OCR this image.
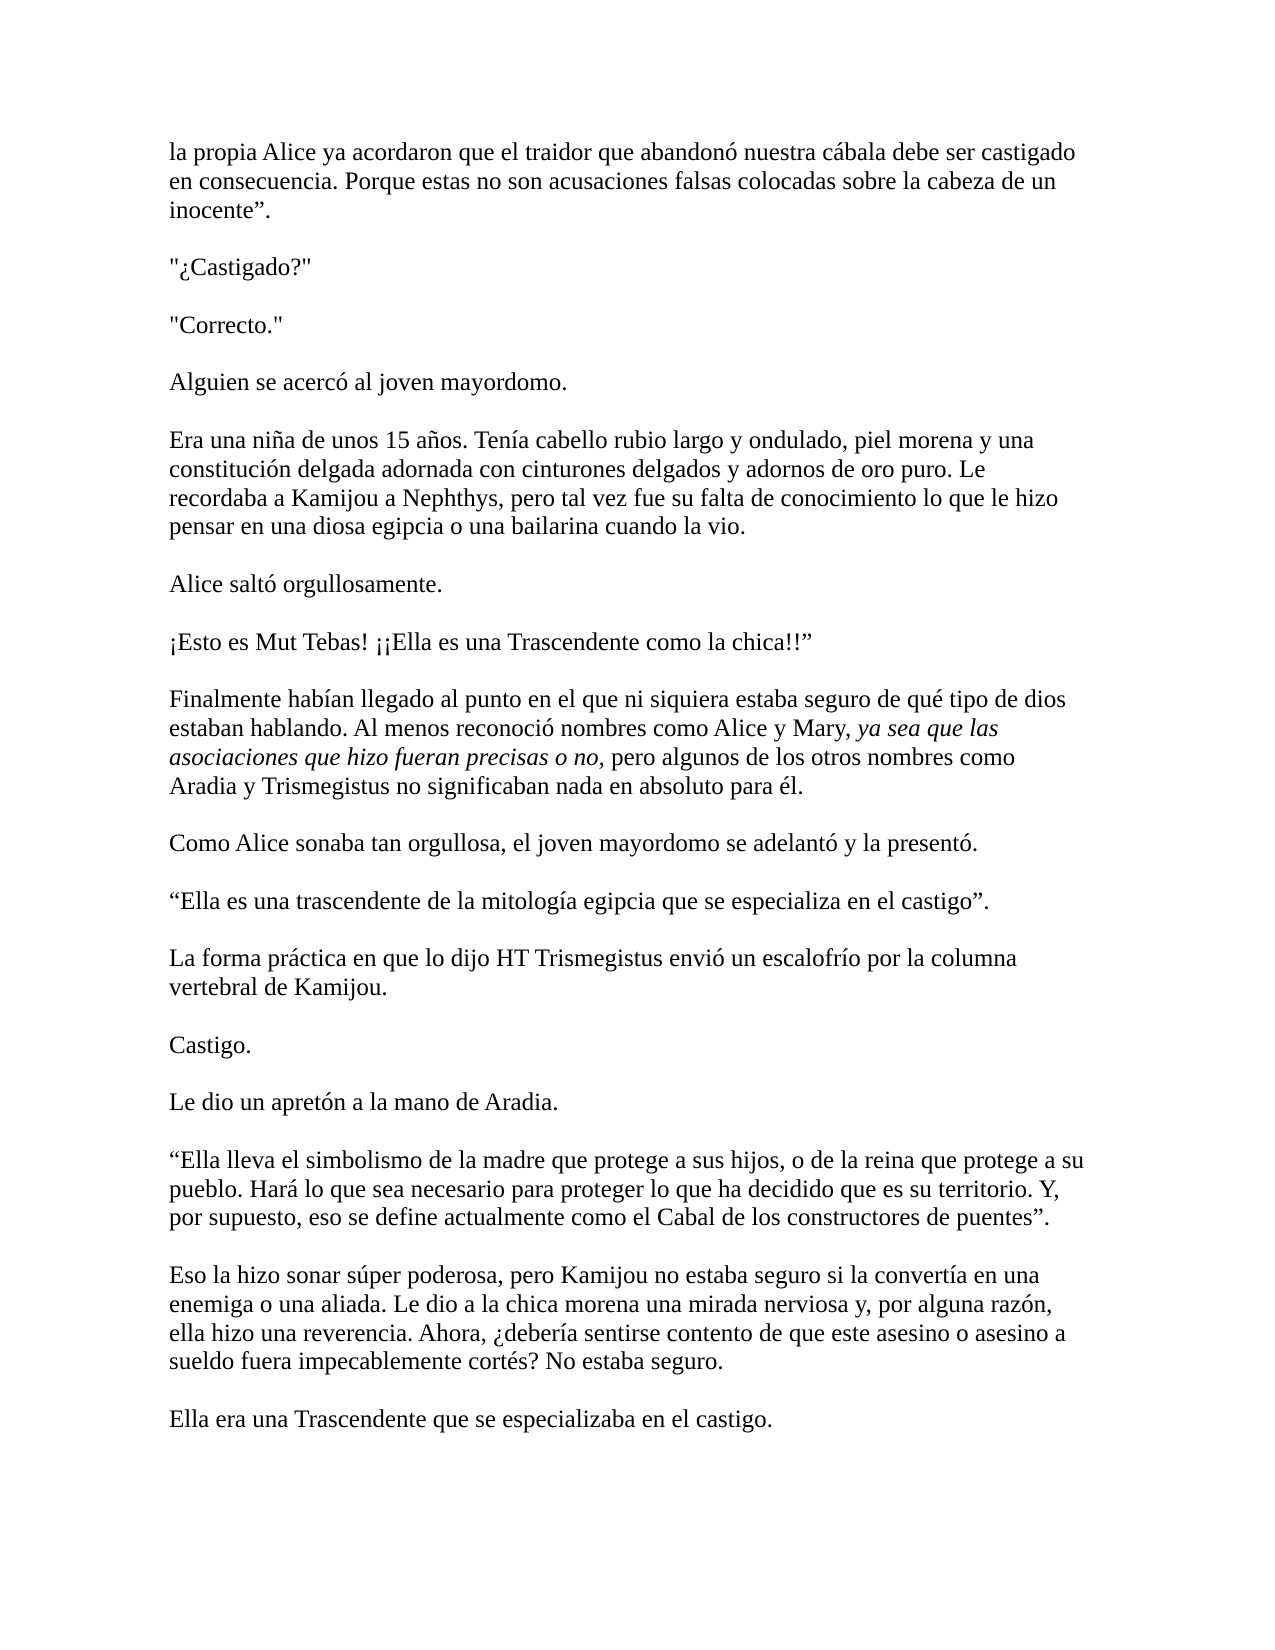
la propia Alice ya acordaron que el traidor que abandonó nuestra cábala debe ser castigado
en consecuencia. Porque estas no son acusaciones falsas colocadas sobre la cabeza de un
inocente”.

"¿Castigado?"

"Correcto."

Alguien se acercó al joven mayordomo.

Era una niña de unos 15 años. Tenía cabello rubio largo y ondulado, piel morena y una
constitución delgada adornada con cinturones delgados y adornos de oro puro. Le
recordaba a Kamijou a Nephthys, pero tal vez fue su falta de conocimiento lo que le hizo
pensar en una diosa egipcia o una bailarina cuando la vio.

Alice saltó orgullosamente.

¡Esto es Mut Tebas! ¡¡Ella es una Trascendente como la chica!!”

Finalmente habían llegado al punto en el que ni siquiera estaba seguro de qué tipo de dios
estaban hablando. Al menos reconoció nombres como Alice y Mary, ya sea que las
asociaciones que hizo fueran precisas o no, pero algunos de los otros nombres como
Aradia y Trismegistus no significaban nada en absoluto para él.

Como Alice sonaba tan orgullosa, el joven mayordomo se adelantó y la presentó.

“Ella es una trascendente de la mitología egipcia que se especializa en el castigo”.

La forma práctica en que lo dijo HT Trismegistus envió un escalofrío por la columna
vertebral de Kamijou.

Castigo.

Le dio un apretón a la mano de Aradia.

“Ella lleva el simbolismo de la madre que protege a sus hijos, o de la reina que protege a su
pueblo. Hará lo que sea necesario para proteger lo que ha decidido que es su territorio. Y,
por supuesto, eso se define actualmente como el Cabal de los constructores de puentes”.

Eso la hizo sonar súper poderosa, pero Kamijou no estaba seguro si la convertía en una
enemiga o una aliada. Le dio a la chica morena una mirada nerviosa y, por alguna razón,
ella hizo una reverencia. Ahora, ¿debería sentirse contento de que este asesino o asesino a
sueldo fuera impecablemente cortés? No estaba seguro.

Ella era una Trascendente que se especializaba en el castigo.
